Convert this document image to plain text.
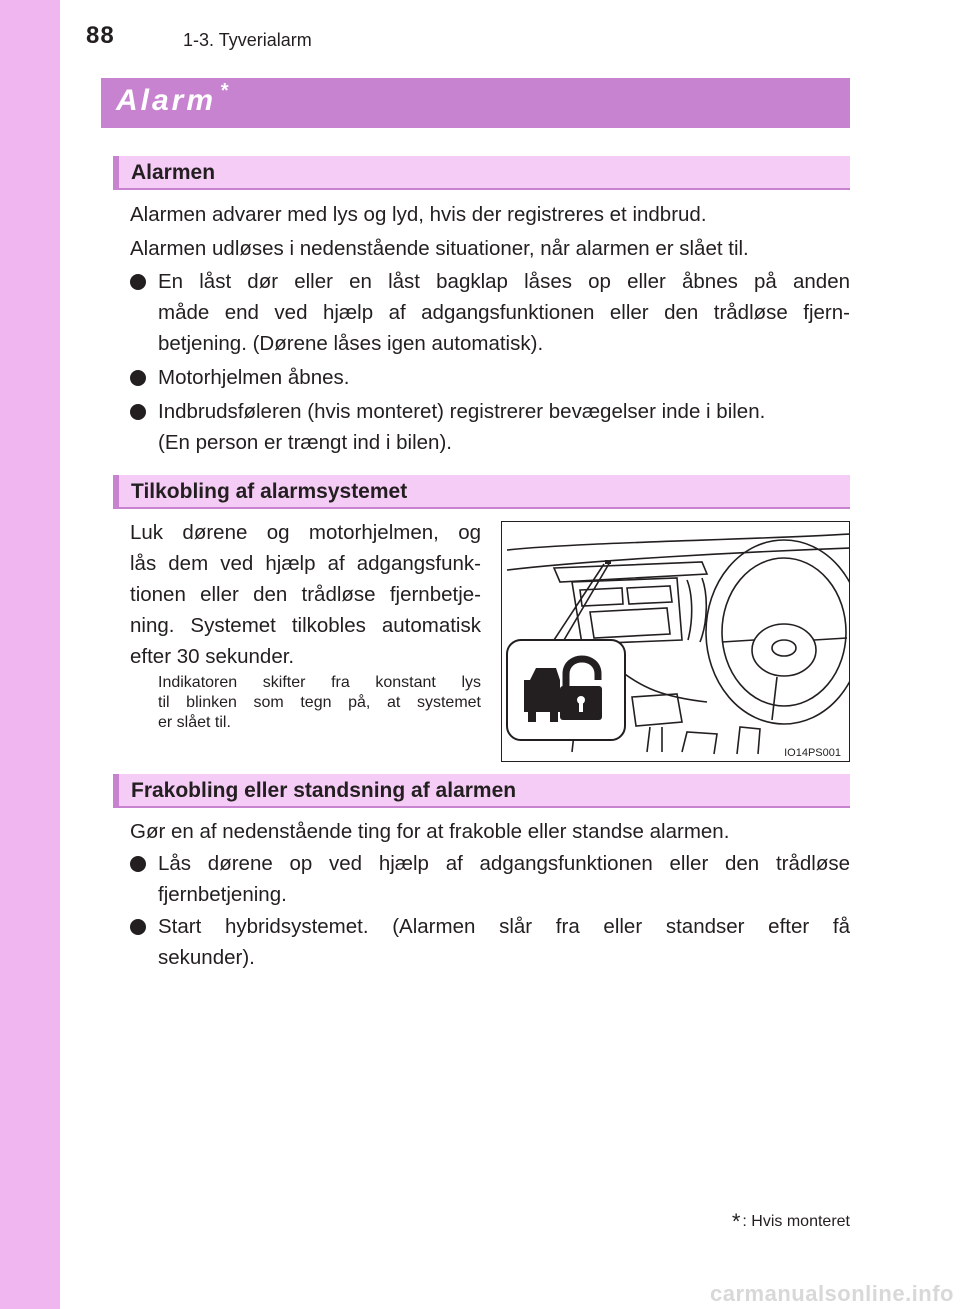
88	1-3. Tyverialarm
Alarm *
Alarmen
Alarmen advarer med lys og lyd, hvis der registreres et indbrud.
Alarmen udløses i nedenstående situationer, når alarmen er slået til.
En låst dør eller en låst bagklap låses op eller åbnes på anden
måde end ved hjælp af adgangsfunktionen eller den trådløse fjern-
betjening. (Dørene låses igen automatisk).
Motorhjelmen åbnes.
Indbrudsføleren (hvis monteret) registrerer bevægelser inde i bilen.
(En person er trængt ind i bilen).
Tilkobling af alarmsystemet
Luk dørene og motorhjelmen, og
lås dem ved hjælp af adgangsfunk-
tionen eller den trådløse fjernbetje-
ning. Systemet tilkobles automatisk
efter 30 sekunder.
Indikatoren skifter fra konstant lys
til blinken som tegn på, at systemet
er slået til.
IO14PS001
Frakobling eller standsning af alarmen
Gør en af nedenstående ting for at frakoble eller standse alarmen.
Lås dørene op ved hjælp af adgangsfunktionen eller den trådløse
fjernbetjening.
Start hybridsystemet. (Alarmen slår fra eller standser efter få
sekunder).
* : Hvis monteret
carmanualsonline.info
